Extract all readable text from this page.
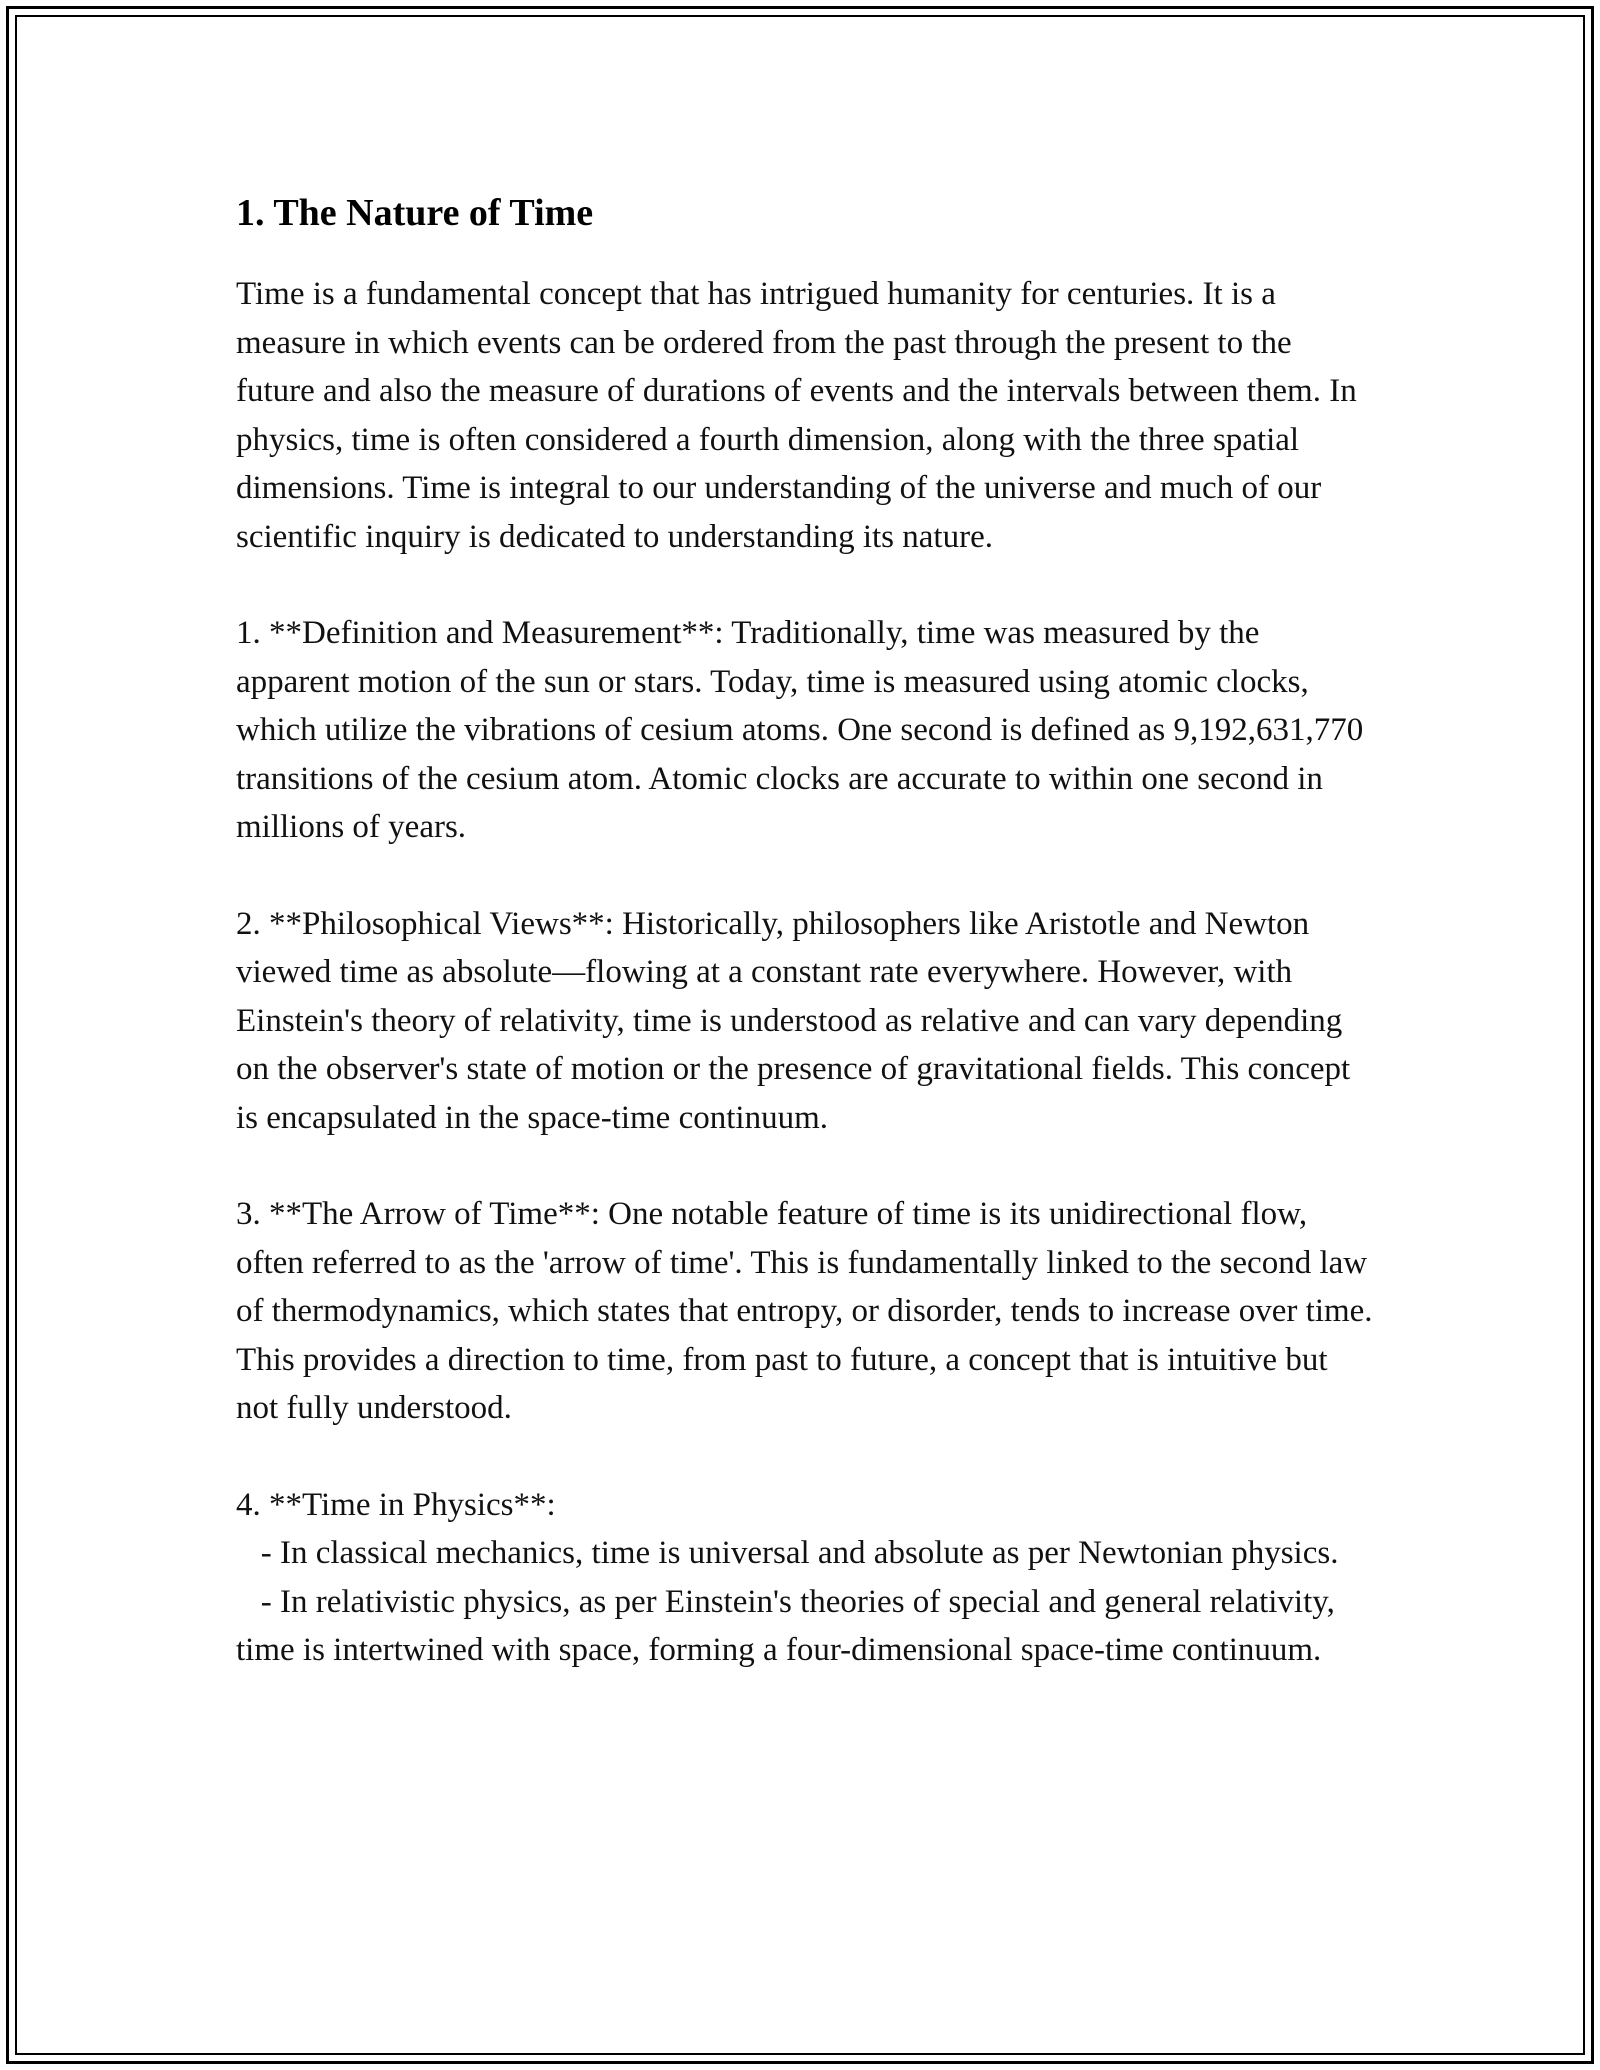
1. The Nature of Time

Time is a fundamental concept that has intrigued humanity for centuries. It is a measure in which events can be ordered from the past through the present to the future and also the measure of durations of events and the intervals between them. In physics, time is often considered a fourth dimension, along with the three spatial dimensions. Time is integral to our understanding of the universe and much of our scientific inquiry is dedicated to understanding its nature.

1. **Definition and Measurement**: Traditionally, time was measured by the apparent motion of the sun or stars. Today, time is measured using atomic clocks, which utilize the vibrations of cesium atoms. One second is defined as 9,192,631,770 transitions of the cesium atom. Atomic clocks are accurate to within one second in millions of years.

2. **Philosophical Views**: Historically, philosophers like Aristotle and Newton viewed time as absolute—flowing at a constant rate everywhere. However, with Einstein's theory of relativity, time is understood as relative and can vary depending on the observer's state of motion or the presence of gravitational fields. This concept is encapsulated in the space-time continuum.

3. **The Arrow of Time**: One notable feature of time is its unidirectional flow, often referred to as the 'arrow of time'. This is fundamentally linked to the second law of thermodynamics, which states that entropy, or disorder, tends to increase over time. This provides a direction to time, from past to future, a concept that is intuitive but not fully understood.

4. **Time in Physics**:
- In classical mechanics, time is universal and absolute as per Newtonian physics.
- In relativistic physics, as per Einstein's theories of special and general relativity, time is intertwined with space, forming a four-dimensional space-time continuum.
